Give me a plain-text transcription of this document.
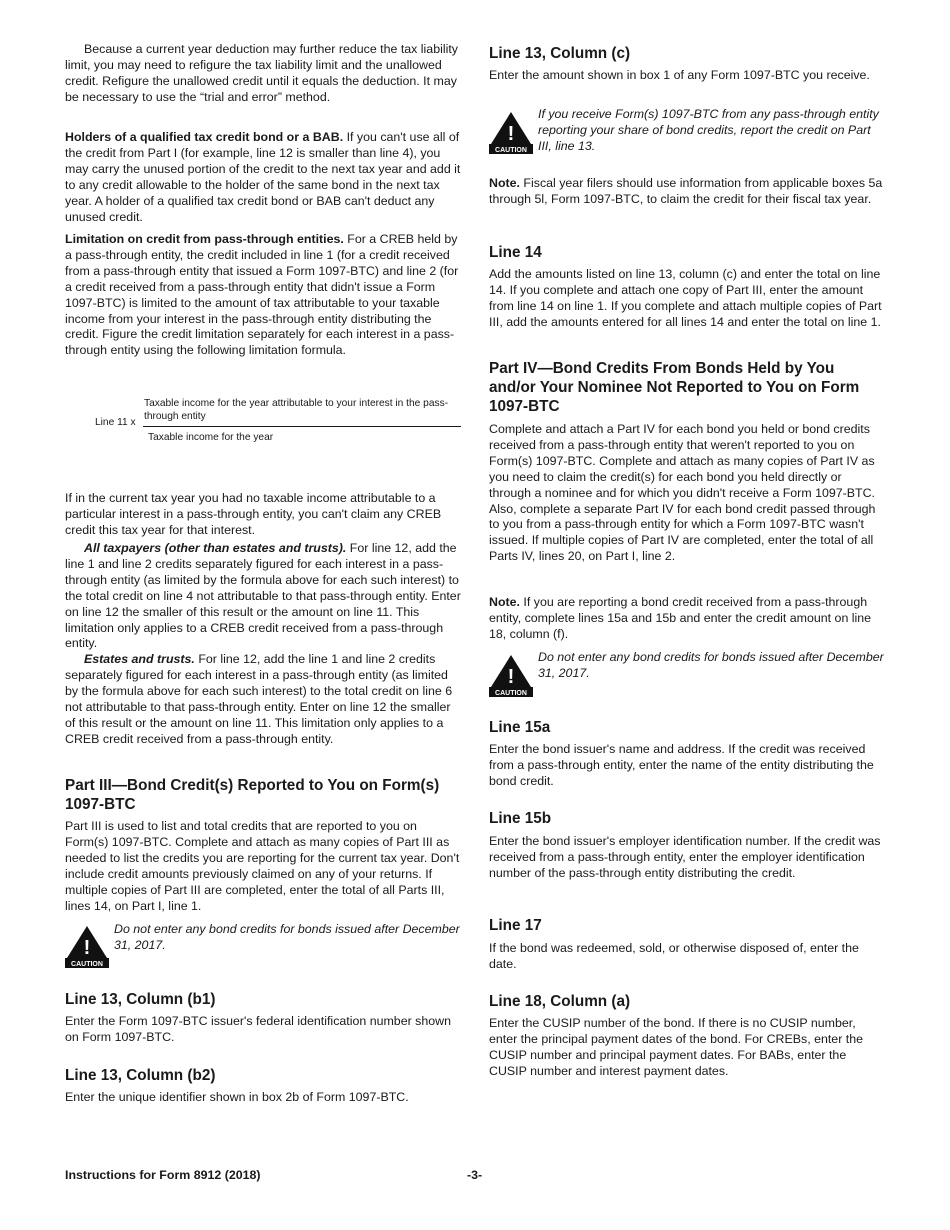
Because a current year deduction may further reduce the tax liability limit, you may need to refigure the tax liability limit and the unallowed credit. Refigure the unallowed credit until it equals the deduction. It may be necessary to use the “trial and error” method.

Holders of a qualified tax credit bond or a BAB. If you can't use all of the credit from Part I (for example, line 12 is smaller than line 4), you may carry the unused portion of the credit to the next tax year and add it to any credit allowable to the holder of the same bond in the next tax year. A holder of a qualified tax credit bond or BAB can't deduct any unused credit.

Limitation on credit from pass-through entities. For a CREB held by a pass-through entity, the credit included in line 1 (for a credit received from a pass-through entity that issued a Form 1097-BTC) and line 2 (for a credit received from a pass-through entity that didn't issue a Form 1097-BTC) is limited to the amount of tax attributable to your taxable income from your interest in the pass-through entity distributing the credit. Figure the credit limitation separately for each interest in a pass-through entity using the following limitation formula.

Line 11 x
Taxable income for the year attributable to your interest in the pass-through entity
Taxable income for the year

If in the current tax year you had no taxable income attributable to a particular interest in a pass-through entity, you can't claim any CREB credit this tax year for that interest.

All taxpayers (other than estates and trusts). For line 12, add the line 1 and line 2 credits separately figured for each interest in a pass-through entity (as limited by the formula above for each such interest) to the total credit on line 4 not attributable to that pass-through entity. Enter on line 12 the smaller of this result or the amount on line 11. This limitation only applies to a CREB credit received from a pass-through entity.

Estates and trusts. For line 12, add the line 1 and line 2 credits separately figured for each interest in a pass-through entity (as limited by the formula above for each such interest) to the total credit on line 6 not attributable to that pass-through entity. Enter on line 12 the smaller of this result or the amount on line 11. This limitation only applies to a CREB credit received from a pass-through entity.

Part III—Bond Credit(s) Reported to You on Form(s) 1097-BTC

Part III is used to list and total credits that are reported to you on Form(s) 1097-BTC. Complete and attach as many copies of Part III as needed to list the credits you are reporting for the current tax year. Don't include credit amounts previously claimed on any of your returns. If multiple copies of Part III are completed, enter the total of all Parts III, lines 14, on Part I, line 1.

!
CAUTION

Do not enter any bond credits for bonds issued after December 31, 2017.

Line 13, Column (b1)

Enter the Form 1097-BTC issuer's federal identification number shown on Form 1097-BTC.

Line 13, Column (b2)

Enter the unique identifier shown in box 2b of Form 1097-BTC.

Line 13, Column (c)

Enter the amount shown in box 1 of any Form 1097-BTC you receive.

!
CAUTION

If you receive Form(s) 1097-BTC from any pass-through entity reporting your share of bond credits, report the credit on Part III, line 13.

Note. Fiscal year filers should use information from applicable boxes 5a through 5l, Form 1097-BTC, to claim the credit for their fiscal tax year.

Line 14

Add the amounts listed on line 13, column (c) and enter the total on line 14. If you complete and attach one copy of Part III, enter the amount from line 14 on line 1. If you complete and attach multiple copies of Part III, add the amounts entered for all lines 14 and enter the total on line 1.

Part IV—Bond Credits From Bonds Held by You and/or Your Nominee Not Reported to You on Form 1097-BTC

Complete and attach a Part IV for each bond you held or bond credits received from a pass-through entity that weren't reported to you on Form(s) 1097-BTC. Complete and attach as many copies of Part IV as you need to claim the credit(s) for each bond you held directly or through a nominee and for which you didn't receive a Form 1097-BTC. Also, complete a separate Part IV for each bond credit passed through to you from a pass-through entity for which a Form 1097-BTC wasn't issued. If multiple copies of Part IV are completed, enter the total of all Parts IV, lines 20, on Part I, line 2.

Note. If you are reporting a bond credit received from a pass-through entity, complete lines 15a and 15b and enter the credit amount on line 18, column (f).

!
CAUTION

Do not enter any bond credits for bonds issued after December 31, 2017.

Line 15a

Enter the bond issuer's name and address. If the credit was received from a pass-through entity, enter the name of the entity distributing the bond credit.

Line 15b

Enter the bond issuer's employer identification number. If the credit was received from a pass-through entity, enter the employer identification number of the pass-through entity distributing the credit.

Line 17

If the bond was redeemed, sold, or otherwise disposed of, enter the date.

Line 18, Column (a)

Enter the CUSIP number of the bond. If there is no CUSIP number, enter the principal payment dates of the bond. For CREBs, enter the CUSIP number and principal payment dates. For BABs, enter the CUSIP number and interest payment dates.

Instructions for Form 8912 (2018)	-3-
